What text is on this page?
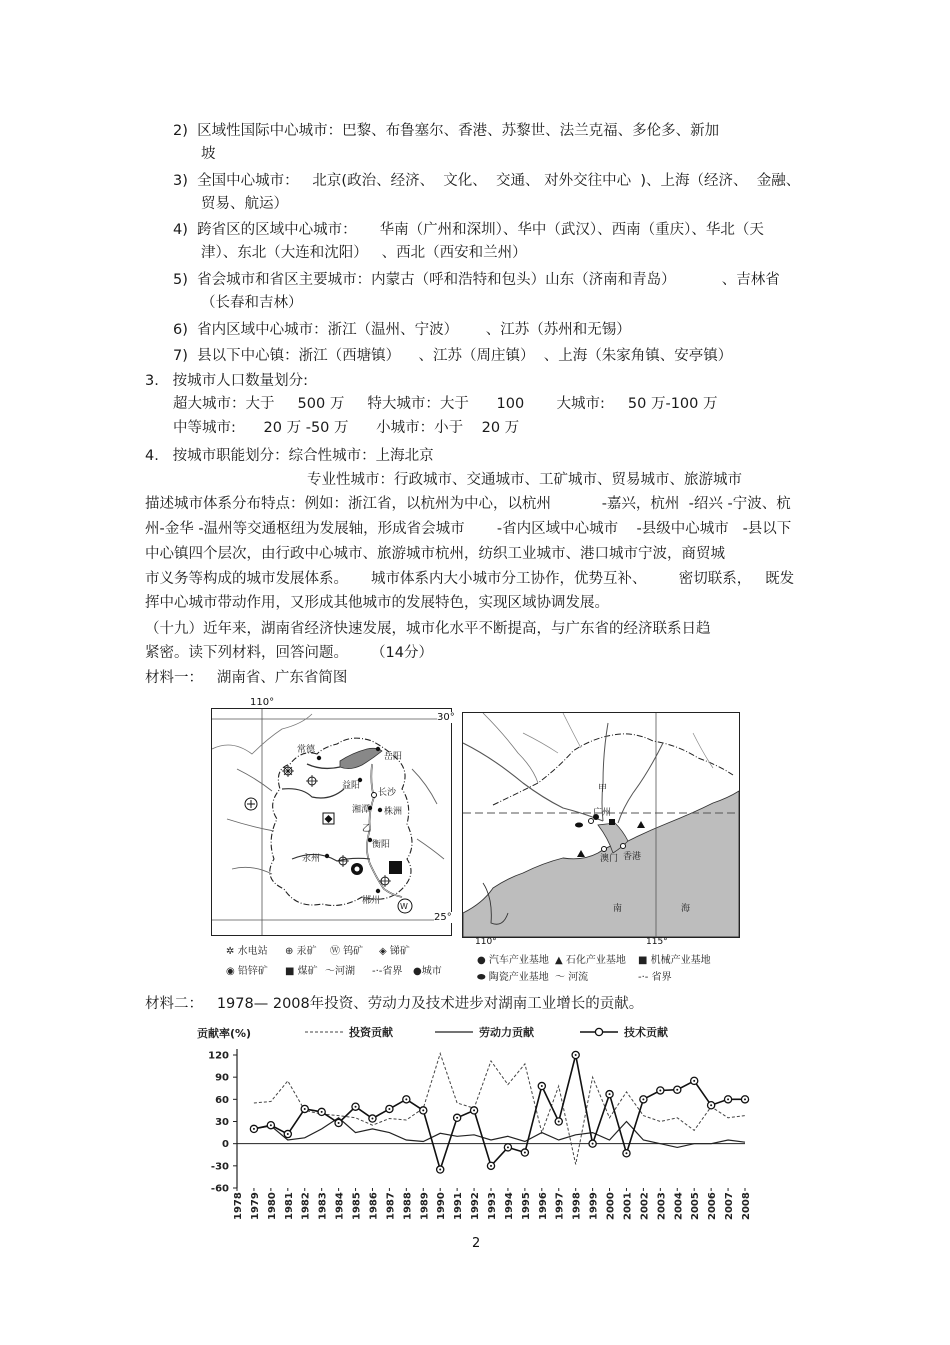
2)  区域性国际中心城市：巴黎、布鲁塞尔、香港、苏黎世、法兰克福、多伦多、新加
坡
3)  全国中心城市：   北京(政治、经济、  文化、  交通、 对外交往中心  )、上海（经济、  金融、
贸易、航运）
4)  跨省区的区域中心城市：     华南（广州和深圳）、华中（武汉）、西南（重庆）、华北（天
津）、东北（大连和沈阳）   、西北（西安和兰州）
5)  省会城市和省区主要城市：内蒙古（呼和浩特和包头）山东（济南和青岛）          、吉林省
（长春和吉林）
6)  省内区域中心城市：浙江（温州、宁波）      、江苏（苏州和无锡）
7)  县以下中心镇：浙江（西塘镇）    、江苏（周庄镇）  、上海（朱家角镇、安亭镇）
3.   按城市人口数量划分:
超大城市：大于     500 万     特大城市：大于      100       大城市:     50 万-100 万
中等城市:      20 万 -50 万      小城市：小于    20 万
4.   按城市职能划分：综合性城市：上海北京
专业性城市：行政城市、交通城市、工矿城市、贸易城市、旅游城市
描述城市体系分布特点：例如：浙江省，以杭州为中心，以杭州           -嘉兴，杭州  -绍兴 -宁波、杭
州-金华 -温州等交通枢纽为发展轴，形成省会城市       -省内区域中心城市    -县级中心城市   -县以下
中心镇四个层次，由行政中心城市、旅游城市杭州，纺织工业城市、港口城市宁波，商贸城
市义务等构成的城市发展体系。     城市体系内大小城市分工协作，优势互补、       密切联系，   既发
挥中心城市带动作用，又形成其他城市的发展特色，实现区域协调发展。
（十九）近年来，湖南省经济快速发展，城市化水平不断提高，与广东省的经济联系日趋
紧密。读下列材料，回答问题。     （14分）
材料一：   湖南省、广东省简图
110°
W
常德
岳阳
益阳
长沙
湘潭 株洲
乙
衡阳
永州
郴州
30°
25°
甲
广州
澳门 香港
南	海
110°	115°
✲ 水电站 ⊕ 汞矿 Ⓦ 钨矿 ◈ 锑矿
◉ 铅锌矿 ■ 煤矿 〜河湖 -·-省界 ●城市
● 汽车产业基地 ▲ 石化产业基地 ■ 机械产业基地
⬬ 陶瓷产业基地 〜 河流	-·- 省界
材料二：   1978— 2008年投资、劳动力及技术进步对湖南工业增长的贡献。
贡献率(%)
120
90
60
30
0
-30
-60
1978 1979 1980 1981 1982 1983 1984 1985 1986 1987 1988 1989 1990 1991 1992 1993 1994 1995 1996 1997 1998 1999 2000 2001 2002 2003 2004 2005 2006 2007 2008
投资贡献	劳动力贡献	技术贡献
2
